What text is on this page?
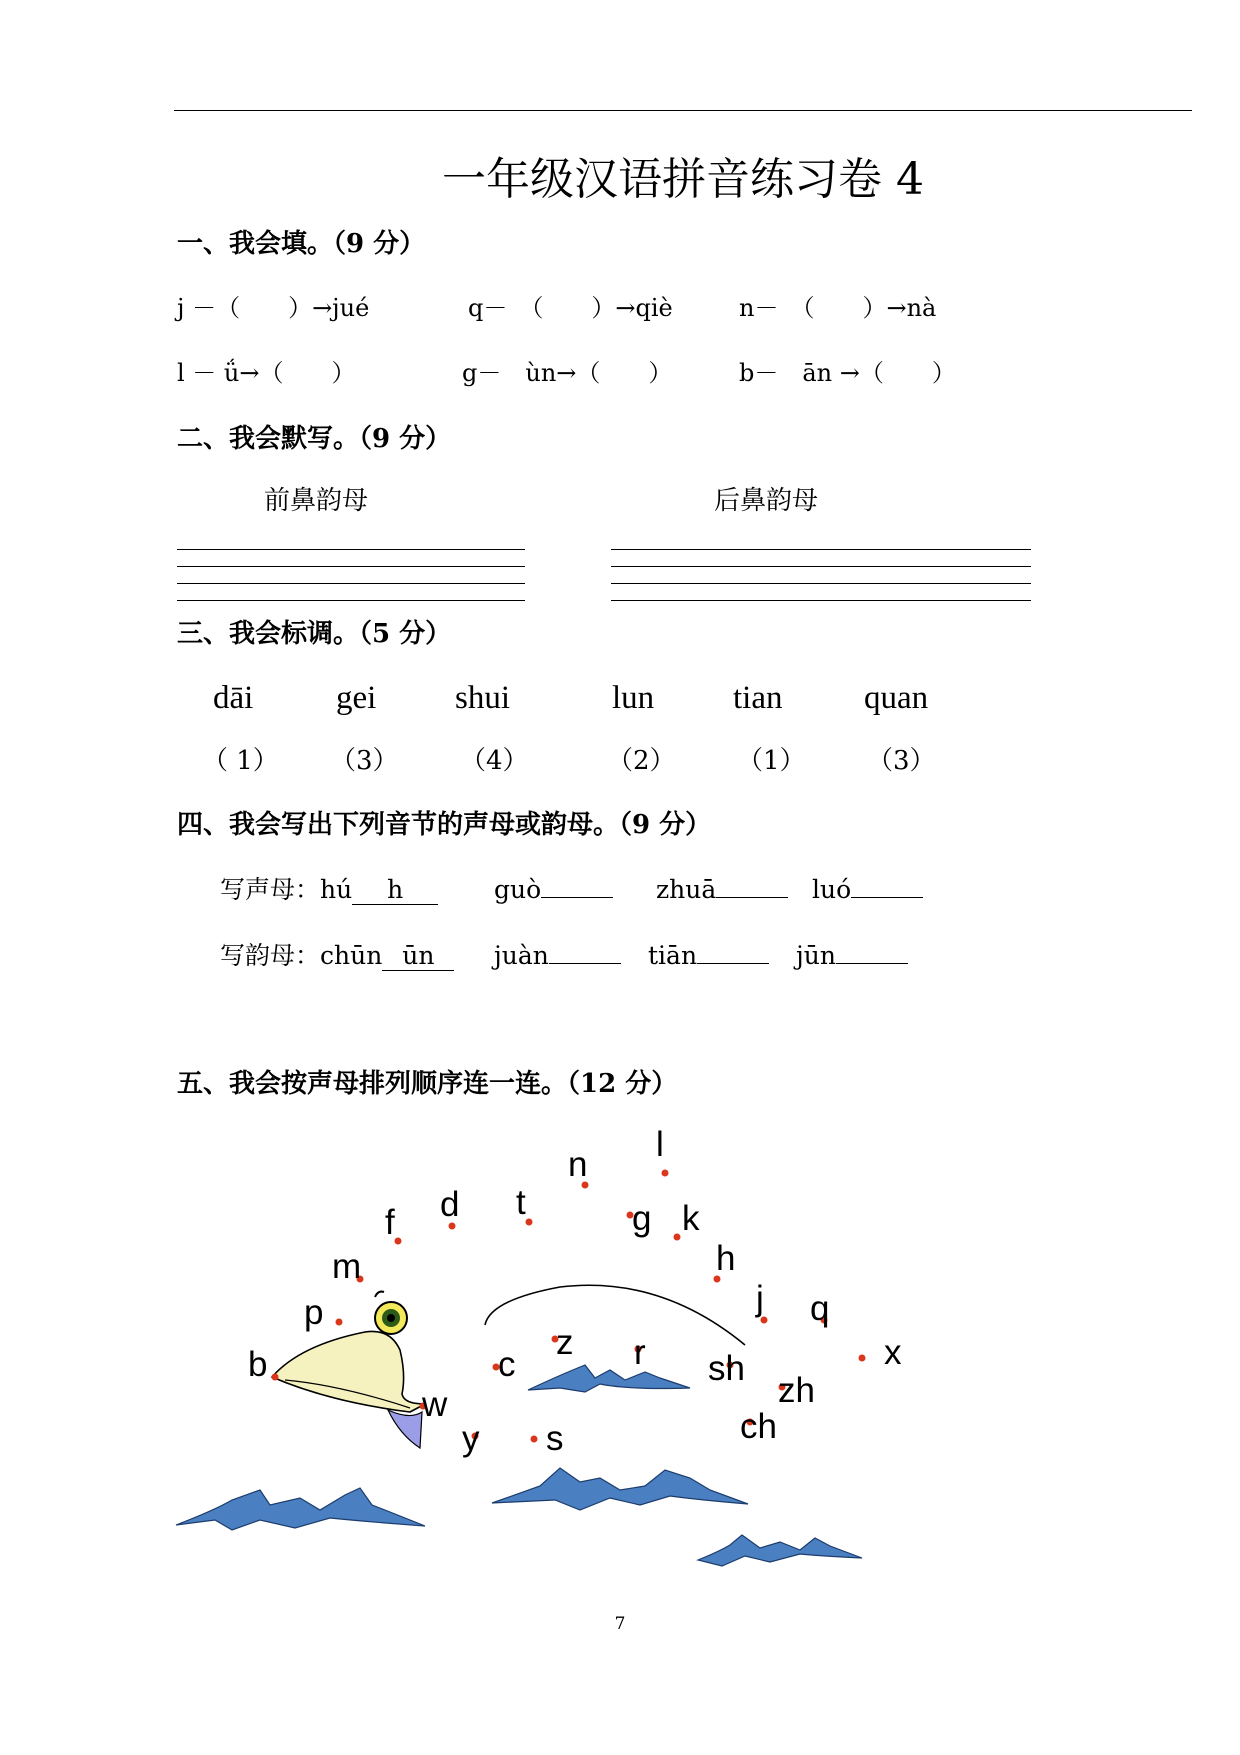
一年级汉语拼音练习卷 4
一、我会填。（9 分）
j －（　　）→jué	q－　（　　）→qiè	n－　（　　）→nà
l － ǘ→（　　）	g－　ùn→（　　）	b－　ān →（　　）
二、我会默写。（9 分）
前鼻韵母	后鼻韵母
三、我会标调。（5 分）
dāi	gei shui	lun tian quan
（ 1） （3） （4）	（2） （1） （3）
四、我会写出下列音节的声母或韵母。（9 分）
写声母：hú h	guò	zhuā	luó
写韵母：chūn ūn	juàn	tiān	jūn
五、我会按声母排列顺序连一连。（12 分）
b
p
m
f d t
n
l
g k
h
j q
x
zh
ch
sh
r
z
c
s
y
w
7
